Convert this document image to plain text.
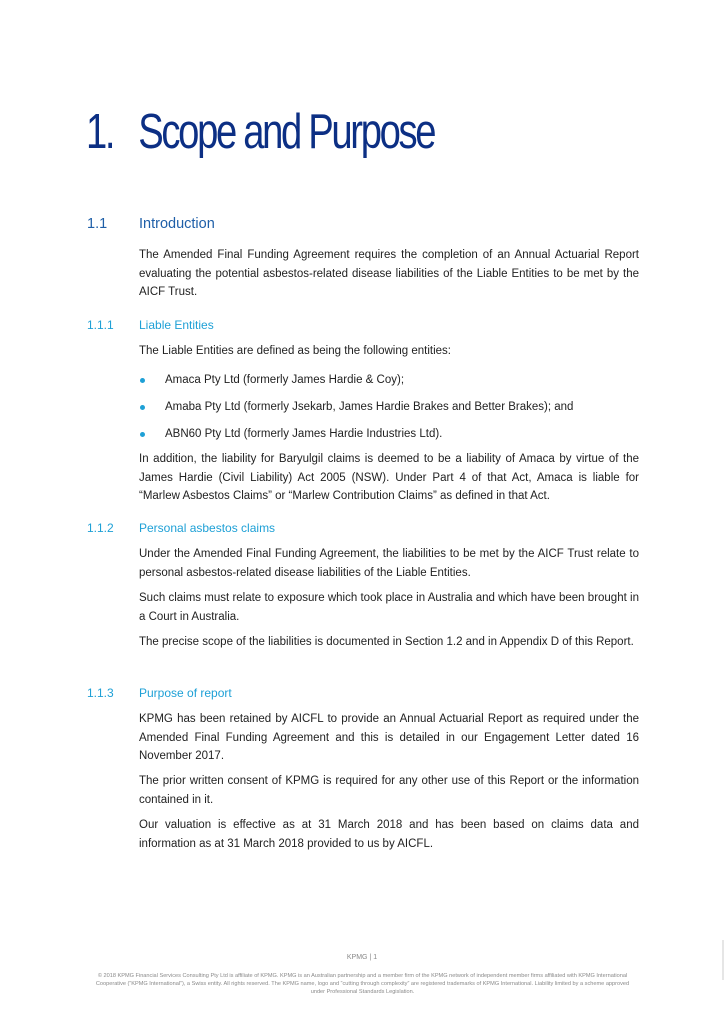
1. Scope and Purpose
1.1 Introduction
The Amended Final Funding Agreement requires the completion of an Annual Actuarial Report evaluating the potential asbestos-related disease liabilities of the Liable Entities to be met by the AICF Trust.
1.1.1 Liable Entities
The Liable Entities are defined as being the following entities:
Amaca Pty Ltd (formerly James Hardie & Coy);
Amaba Pty Ltd (formerly Jsekarb, James Hardie Brakes and Better Brakes); and
ABN60 Pty Ltd (formerly James Hardie Industries Ltd).
In addition, the liability for Baryulgil claims is deemed to be a liability of Amaca by virtue of the James Hardie (Civil Liability) Act 2005 (NSW). Under Part 4 of that Act, Amaca is liable for “Marlew Asbestos Claims” or “Marlew Contribution Claims” as defined in that Act.
1.1.2 Personal asbestos claims
Under the Amended Final Funding Agreement, the liabilities to be met by the AICF Trust relate to personal asbestos-related disease liabilities of the Liable Entities.
Such claims must relate to exposure which took place in Australia and which have been brought in a Court in Australia.
The precise scope of the liabilities is documented in Section 1.2 and in Appendix D of this Report.
1.1.3 Purpose of report
KPMG has been retained by AICFL to provide an Annual Actuarial Report as required under the Amended Final Funding Agreement and this is detailed in our Engagement Letter dated 16 November 2017.
The prior written consent of KPMG is required for any other use of this Report or the information contained in it.
Our valuation is effective as at 31 March 2018 and has been based on claims data and information as at 31 March 2018 provided to us by AICFL.
KPMG | 1
© 2018 KPMG Financial Services Consulting Pty Ltd is affiliate of KPMG. KPMG is an Australian partnership and a member firm of the KPMG network of independent member firms affiliated with KPMG International Cooperative (“KPMG International”), a Swiss entity. All rights reserved. The KPMG name, logo and “cutting through complexity” are registered trademarks of KPMG International. Liability limited by a scheme approved under Professional Standards Legislation.
